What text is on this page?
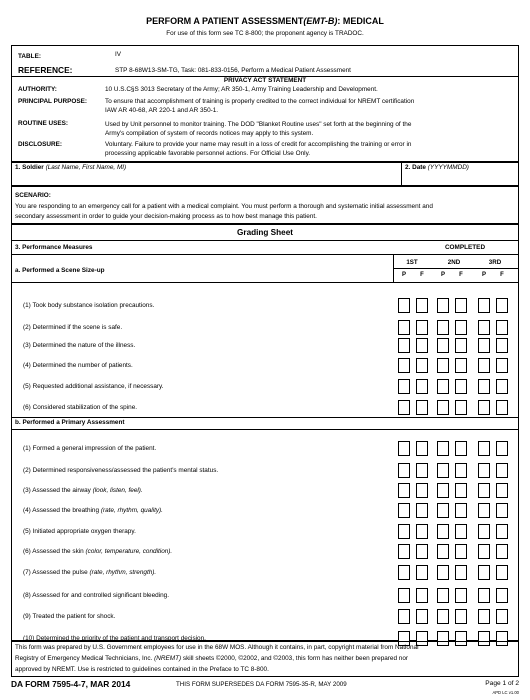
PERFORM A PATIENT ASSESSMENT(EMT-B): MEDICAL
For use of this form see TC 8-800; the proponent agency is TRADOC.
TABLE:	IV
REFERENCE:	STP 8-68W13-SM-TG, Task: 081-833-0156, Perform a Medical Patient Assessment
PRIVACY ACT STATEMENT
AUTHORITY:	10 U.S.C§S 3013 Secretary of the Army; AR 350-1, Army Training Leadership and Development.
PRINCIPAL PURPOSE:	To ensure that accomplishment of training is properly credited to the correct individual for NREMT certification
IAW AR 40-68, AR 220-1 and AR 350-1.
ROUTINE USES:	Used by Unit personnel to monitor training. The DOD "Blanket Routine uses" set forth at the beginning of the
Army's compilation of system of records notices may apply to this system.
DISCLOSURE:	Voluntary. Failure to provide your name may result in a loss of credit for accomplishing the training or error in
processing applicable favorable personnel actions. For Official Use Only.
1. Soldier (Last Name, First Name, MI)	2. Date (YYYYMMDD)
SCENARIO:
You are responding to an emergency call for a patient with a medical complaint. You must perform a thorough and systematic initial assessment and
secondary assessment in order to guide your decision-making process as to how best manage this patient.
Grading Sheet
3. Performance Measures	COMPLETED
a. Performed a Scene Size-up
1ST	2ND	3RD
P	F	P	F	P	F
(1) Took body substance isolation precautions.
(2) Determined if the scene is safe.
(3) Determined the nature of the illness.
(4) Determined the number of patients.
(5) Requested additional assistance, if necessary.
(6) Considered stabilization of the spine.
b. Performed a Primary Assessment
(1) Formed a general impression of the patient.
(2) Determined responsiveness/assessed the patient's mental status.
(3) Assessed the airway (look, listen, feel).
(4) Assessed the breathing (rate, rhythm, quality).
(5) Initiated appropriate oxygen therapy.
(6) Assessed the skin (color, temperature, condition).
(7) Assessed the pulse (rate, rhythm, strength).
(8) Assessed for and controlled significant bleeding.
(9) Treated the patient for shock.
(10) Determined the priority of the patient and transport decision.
This form was prepared by U.S. Government employees for use in the 68W MOS. Although it contains, in part, copyright material from National
Registry of Emergency Medical Technicians, Inc. (NREMT) skill sheets ©2000, ©2002, and ©2003, this form has neither been prepared nor
approved by NREMT. Use is restricted to guidelines contained in the Preface to TC 8-800.
DA FORM 7595-4-7, MAR 2014	THIS FORM SUPERSEDES DA FORM 7595-35-R, MAY 2009	Page 1 of 2
APD LC v1.00
